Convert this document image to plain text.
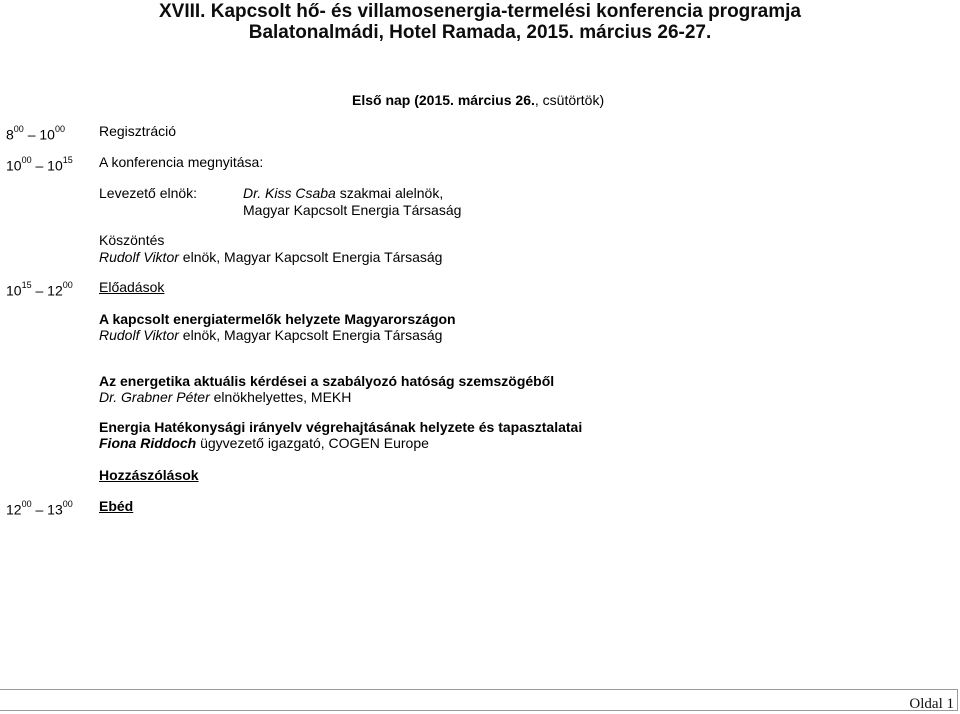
XVIII. Kapcsolt hő- és villamosenergia-termelési konferencia programja
Balatonalmádi, Hotel Ramada, 2015. március 26-27.
Első nap (2015. március 26., csütörtök)
$8^{00} - 10^{00}$ Regisztráció
$10^{00} - 10^{15}$ A konferencia megnyitása:
Levezető elnök:	Dr. Kiss Csaba szakmai alelnök,
Magyar Kapcsolt Energia Társaság
Köszöntés
Rudolf Viktor elnök, Magyar Kapcsolt Energia Társaság
$10^{15} - 12^{00}$ Előadások
A kapcsolt energiatermelők helyzete Magyarországon
Rudolf Viktor elnök, Magyar Kapcsolt Energia Társaság
Az energetika aktuális kérdései a szabályozó hatóság szemszögéből
Dr. Grabner Péter elnökhelyettes, MEKH
Energia Hatékonysági irányelv végrehajtásának helyzete és tapasztalatai
Fiona Riddoch ügyvezető igazgató, COGEN Europe
Hozzászólások
$12^{00} - 13^{00}$ Ebéd
Oldal 1
